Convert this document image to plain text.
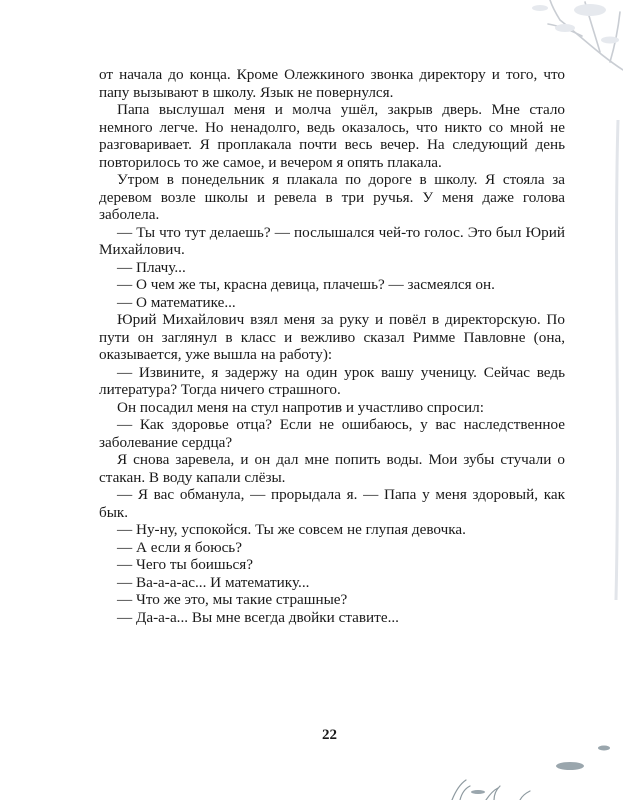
от начала до конца. Кроме Олежкиного звонка директору и того, что папу вызывают в школу. Язык не повернулся.

Папа выслушал меня и молча ушёл, закрыв дверь. Мне стало немного легче. Но ненадолго, ведь оказалось, что никто со мной не разговаривает. Я проплакала почти весь вечер. На следующий день повторилось то же самое, и вечером я опять плакала.

Утром в понедельник я плакала по дороге в школу. Я стояла за деревом возле школы и ревела в три ручья. У меня даже голова заболела.

— Ты что тут делаешь? — послышался чей-то голос. Это был Юрий Михайлович.

— Плачу...

— О чем же ты, красна девица, плачешь? — засмеялся он.

— О математике...

Юрий Михайлович взял меня за руку и повёл в директорскую. По пути он заглянул в класс и вежливо сказал Римме Павловне (она, оказывается, уже вышла на работу):

— Извините, я задержу на один урок вашу ученицу. Сейчас ведь литература? Тогда ничего страшного.

Он посадил меня на стул напротив и участливо спросил:

— Как здоровье отца? Если не ошибаюсь, у вас наследственное заболевание сердца?

Я снова заревела, и он дал мне попить воды. Мои зубы стучали о стакан. В воду капали слёзы.

— Я вас обманула, — прорыдала я. — Папа у меня здоровый, как бык.

— Ну-ну, успокойся. Ты же совсем не глупая девочка.

— А если я боюсь?

— Чего ты боишься?

— Ва-а-а-ас... И математику...

— Что же это, мы такие страшные?

— Да-а-а... Вы мне всегда двойки ставите...

22
